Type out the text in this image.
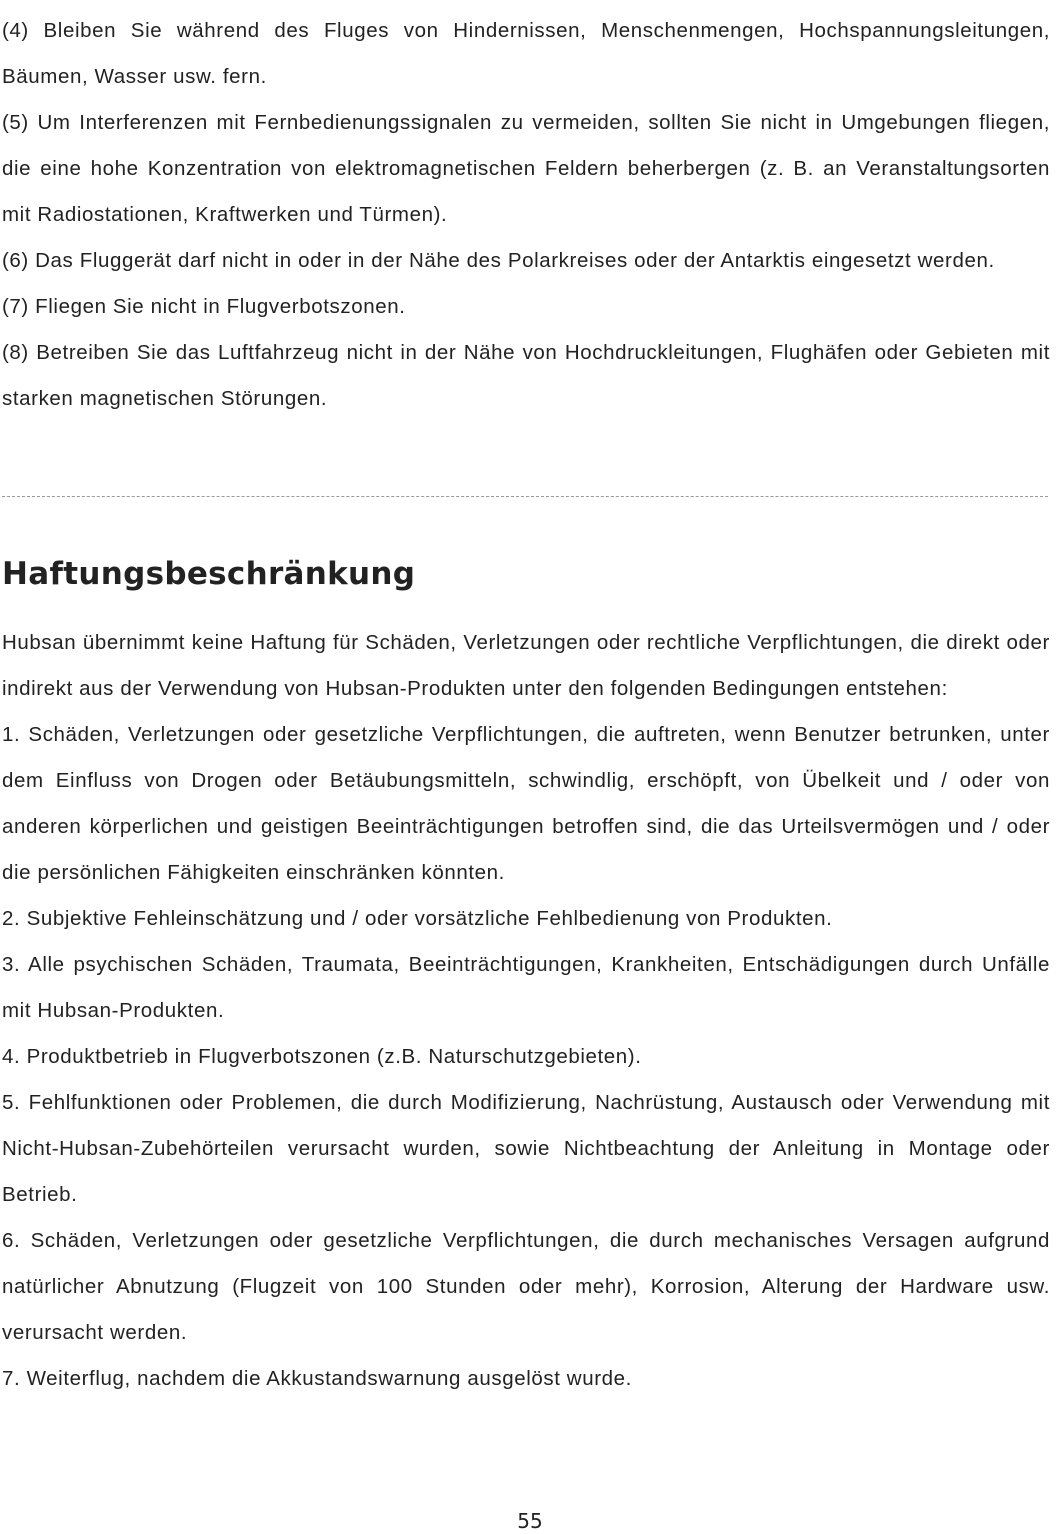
(4) Bleiben Sie während des Fluges von Hindernissen, Menschenmengen, Hochspannungsleitungen, Bäumen, Wasser usw. fern.

(5) Um Interferenzen mit Fernbedienungssignalen zu vermeiden, sollten Sie nicht in Umgebungen fliegen, die eine hohe Konzentration von elektromagnetischen Feldern beherbergen (z. B. an Veranstaltungsorten mit Radiostationen, Kraftwerken und Türmen).

(6) Das Fluggerät darf nicht in oder in der Nähe des Polarkreises oder der Antarktis eingesetzt werden.

(7) Fliegen Sie nicht in Flugverbotszonen.

(8) Betreiben Sie das Luftfahrzeug nicht in der Nähe von Hochdruckleitungen, Flughäfen oder Gebieten mit starken magnetischen Störungen.

Haftungsbeschränkung

Hubsan übernimmt keine Haftung für Schäden, Verletzungen oder rechtliche Verpflichtungen, die direkt oder indirekt aus der Verwendung von Hubsan-Produkten unter den folgenden Bedingungen entstehen:

1. Schäden, Verletzungen oder gesetzliche Verpflichtungen, die auftreten, wenn Benutzer betrunken, unter dem Einfluss von Drogen oder Betäubungsmitteln, schwindlig, erschöpft, von Übelkeit und / oder von anderen körperlichen und geistigen Beeinträchtigungen betroffen sind, die das Urteilsvermögen und / oder die persönlichen Fähigkeiten einschränken könnten.

2. Subjektive Fehleinschätzung und / oder vorsätzliche Fehlbedienung von Produkten.

3. Alle psychischen Schäden, Traumata, Beeinträchtigungen, Krankheiten, Entschädigungen durch Unfälle mit Hubsan-Produkten.

4. Produktbetrieb in Flugverbotszonen (z.B. Naturschutzgebieten).

5. Fehlfunktionen oder Problemen, die durch Modifizierung, Nachrüstung, Austausch oder Verwendung mit Nicht-Hubsan-Zubehörteilen verursacht wurden, sowie Nichtbeachtung der Anleitung in Montage oder Betrieb.

6. Schäden, Verletzungen oder gesetzliche Verpflichtungen, die durch mechanisches Versagen aufgrund natürlicher Abnutzung (Flugzeit von 100 Stunden oder mehr), Korrosion, Alterung der Hardware usw. verursacht werden.

7. Weiterflug, nachdem die Akkustandswarnung ausgelöst wurde.

55
